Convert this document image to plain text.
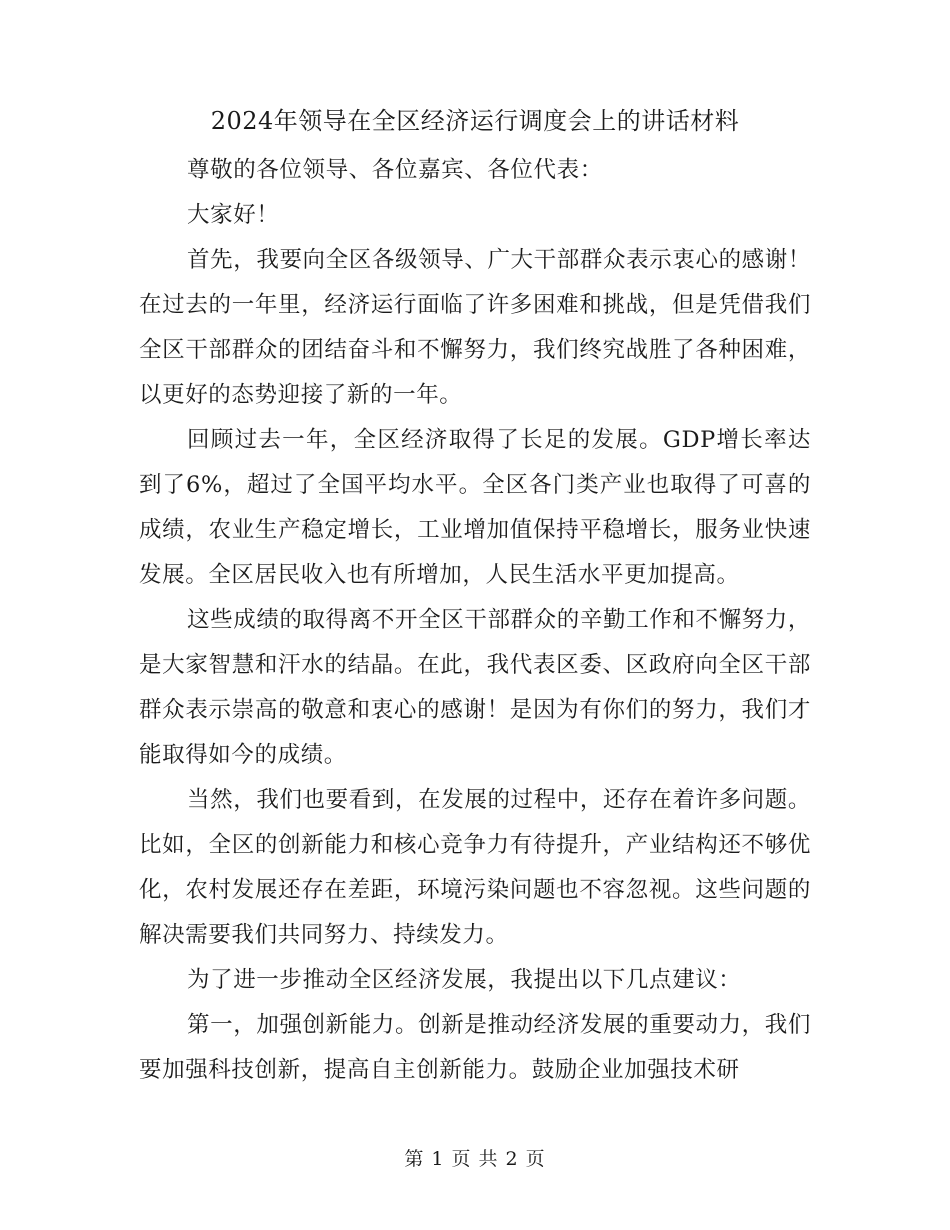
2024年领导在全区经济运行调度会上的讲话材料

尊敬的各位领导、各位嘉宾、各位代表：

大家好！

首先，我要向全区各级领导、广大干部群众表示衷心的感谢！在过去的一年里，经济运行面临了许多困难和挑战，但是凭借我们全区干部群众的团结奋斗和不懈努力，我们终究战胜了各种困难，以更好的态势迎接了新的一年。

回顾过去一年，全区经济取得了长足的发展。GDP增长率达到了6%，超过了全国平均水平。全区各门类产业也取得了可喜的成绩，农业生产稳定增长，工业增加值保持平稳增长，服务业快速发展。全区居民收入也有所增加，人民生活水平更加提高。

这些成绩的取得离不开全区干部群众的辛勤工作和不懈努力，是大家智慧和汗水的结晶。在此，我代表区委、区政府向全区干部群众表示崇高的敬意和衷心的感谢！是因为有你们的努力，我们才能取得如今的成绩。

当然，我们也要看到，在发展的过程中，还存在着许多问题。比如，全区的创新能力和核心竞争力有待提升，产业结构还不够优化，农村发展还存在差距，环境污染问题也不容忽视。这些问题的解决需要我们共同努力、持续发力。

为了进一步推动全区经济发展，我提出以下几点建议：

第一，加强创新能力。创新是推动经济发展的重要动力，我们要加强科技创新，提高自主创新能力。鼓励企业加强技术研

第 1 页 共 2 页
